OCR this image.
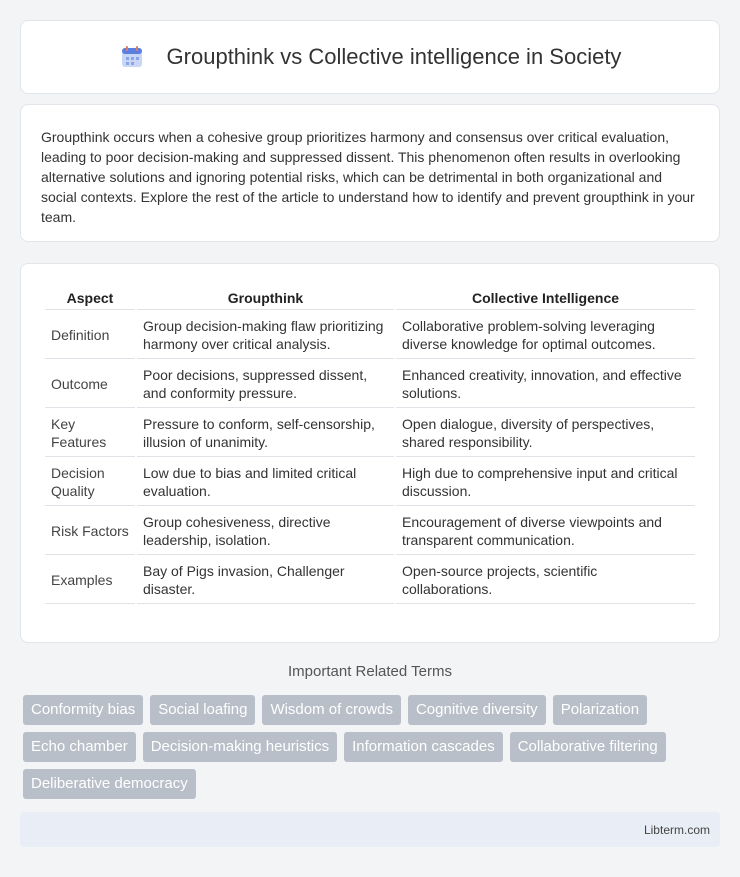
Groupthink vs Collective intelligence in Society

Groupthink occurs when a cohesive group prioritizes harmony and consensus over critical evaluation, leading to poor decision-making and suppressed dissent. This phenomenon often results in overlooking alternative solutions and ignoring potential risks, which can be detrimental in both organizational and social contexts. Explore the rest of the article to understand how to identify and prevent groupthink in your team.

Aspect	Groupthink	Collective Intelligence
Definition	Group decision-making flaw prioritizing harmony over critical analysis.	Collaborative problem-solving leveraging diverse knowledge for optimal outcomes.
Outcome	Poor decisions, suppressed dissent, and conformity pressure.	Enhanced creativity, innovation, and effective solutions.
Key Features	Pressure to conform, self-censorship, illusion of unanimity.	Open dialogue, diversity of perspectives, shared responsibility.
Decision Quality	Low due to bias and limited critical evaluation.	High due to comprehensive input and critical discussion.
Risk Factors	Group cohesiveness, directive leadership, isolation.	Encouragement of diverse viewpoints and transparent communication.
Examples	Bay of Pigs invasion, Challenger disaster.	Open-source projects, scientific collaborations.
Important Related Terms
Conformity bias	Social loafing	Wisdom of crowds	Cognitive diversity	Polarization
Echo chamber	Decision-making heuristics	Information cascades	Collaborative filtering
Deliberative democracy
Libterm.com
